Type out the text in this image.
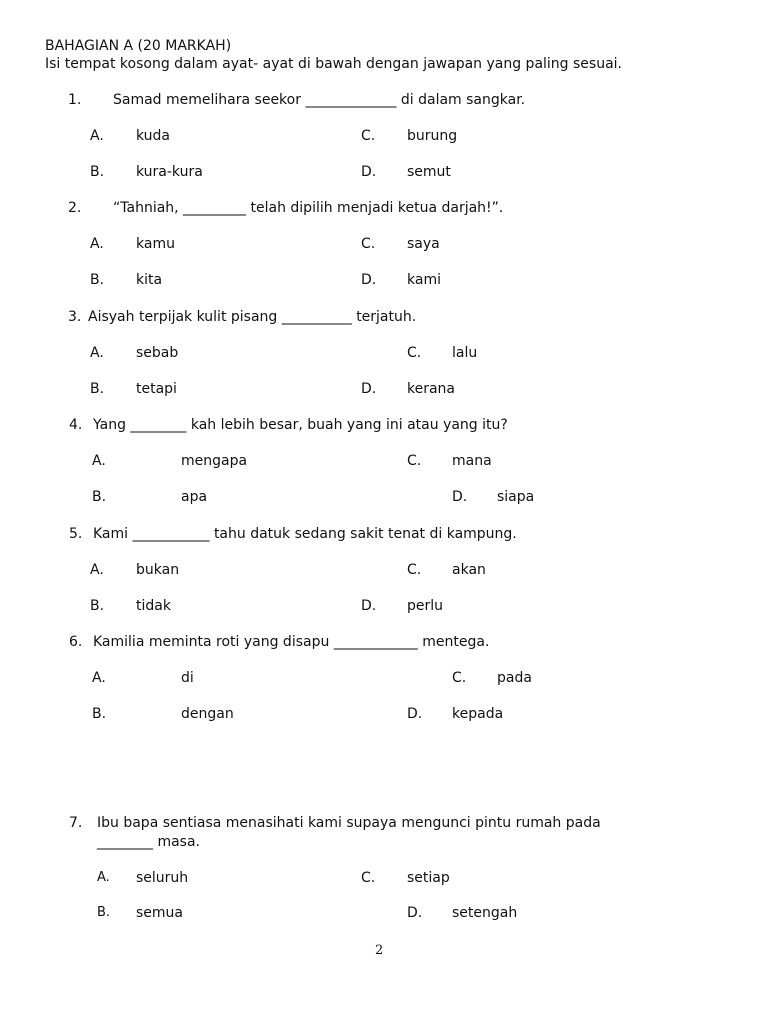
BAHAGIAN A (20 MARKAH)
Isi tempat kosong dalam ayat- ayat di bawah dengan jawapan yang paling sesuai.
1. Samad memelihara seekor _____________ di dalam sangkar.
A. kuda	C. burung
B. kura-kura	D. semut
2. “Tahniah, _________ telah dipilih menjadi ketua darjah!”.
A. kamu	C. saya
B. kita	D. kami
3. Aisyah terpijak kulit pisang __________ terjatuh.
A. sebab	C. lalu
B. tetapi	D. kerana
4. Yang ________ kah lebih besar, buah yang ini atau yang itu?
A.	mengapa	C. mana
B.	apa	D. siapa
5. Kami ___________ tahu datuk sedang sakit tenat di kampung.
A. bukan	C. akan
B. tidak	D. perlu
6. Kamilia meminta roti yang disapu ____________ mentega.
A.	di	C. pada
B.	dengan	D. kepada
7. Ibu bapa sentiasa menasihati kami supaya mengunci pintu rumah pada
________ masa.
A. seluruh	C. setiap
B. semua	D. setengah
2
